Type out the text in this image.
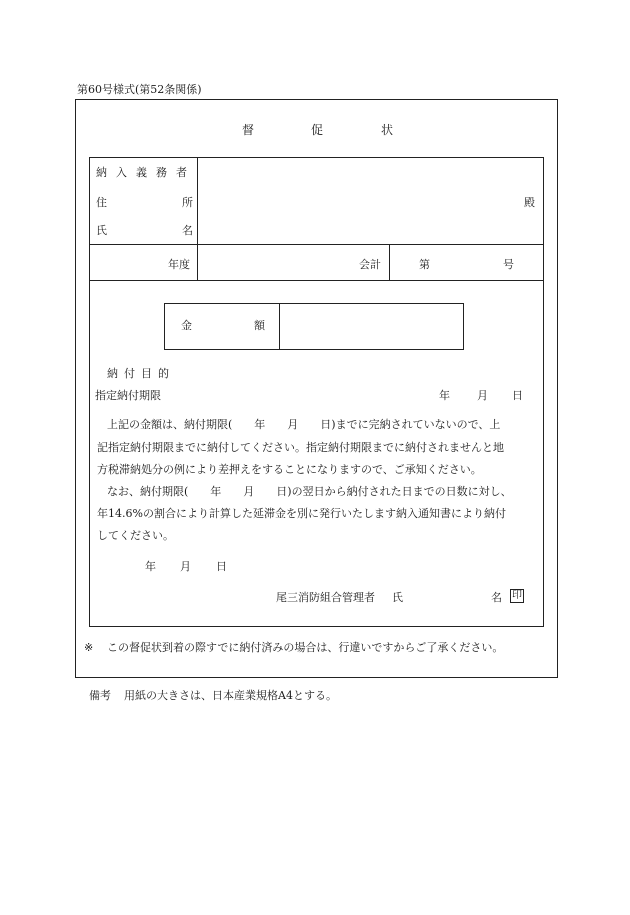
第60号様式(第52条関係)
督	促	状
納入義務者
住所
氏名
殿
年度	会計	第	号
金額
納付目的
指定納付期限	年 月 日
上記の金額は、納付期限(　　年　　月　　日)までに完納されていないので、上
記指定納付期限までに納付してください。指定納付期限までに納付されませんと地
方税滞納処分の例により差押えをすることになりますので、ご承知ください。
なお、納付期限(　　年　　月　　日)の翌日から納付された日までの日数に対し、
年14.6%の割合により計算した延滞金を別に発行いたします納入通知書により納付
してください。
年 月 日
尾三消防組合管理者 氏	名 印
※ この督促状到着の際すでに納付済みの場合は、行違いですからご了承ください。
備考 用紙の大きさは、日本産業規格A4とする。
